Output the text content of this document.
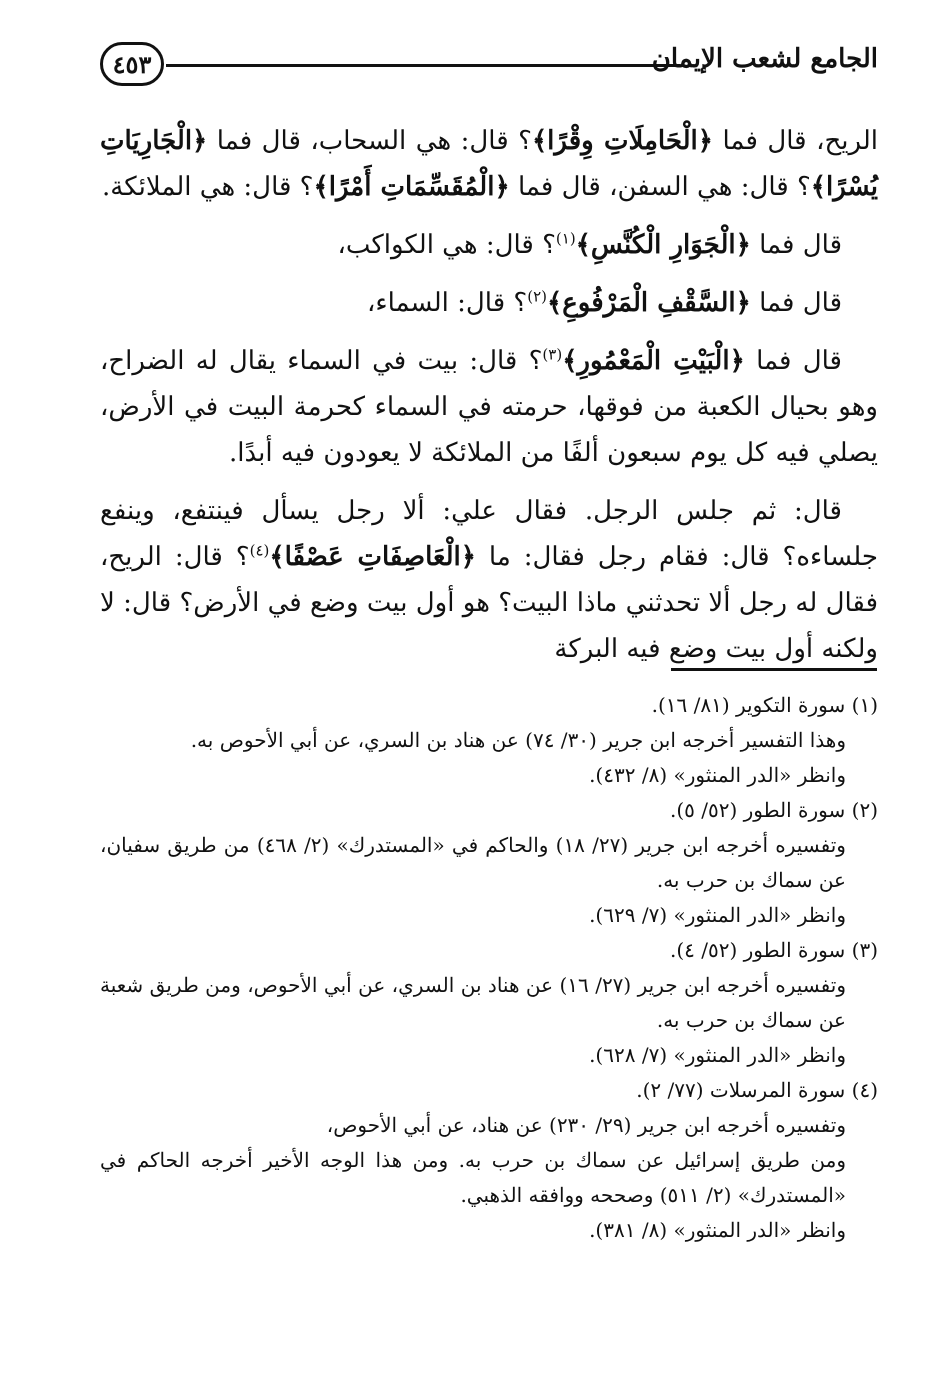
٤٥٣	الجامع لشعب الإيمان

الريح، قال فما ﴿الْحَامِلَاتِ وِقْرًا﴾؟ قال: هي السحاب، قال فما ﴿الْجَارِيَاتِ يُسْرًا﴾؟ قال: هي السفن، قال فما ﴿الْمُقَسِّمَاتِ أَمْرًا﴾؟ قال: هي الملائكة.

قال فما ﴿الْجَوَارِ الْكُنَّسِ﴾$^{(١)}$؟ قال: هي الكواكب،

قال فما ﴿السَّقْفِ الْمَرْفُوعِ﴾$^{(٢)}$؟ قال: السماء،

قال فما ﴿الْبَيْتِ الْمَعْمُورِ﴾$^{(٣)}$؟ قال: بيت في السماء يقال له الضراح، وهو بحيال الكعبة من فوقها، حرمته في السماء كحرمة البيت في الأرض، يصلي فيه كل يوم سبعون ألفًا من الملائكة لا يعودون فيه أبدًا.

قال: ثم جلس الرجل. فقال علي: ألا رجل يسأل فينتفع، وينفع جلساءه؟ قال: فقام رجل فقال: ما ﴿الْعَاصِفَاتِ عَصْفًا﴾$^{(٤)}$؟ قال: الريح، فقال له رجل ألا تحدثني ماذا البيت؟ هو أول بيت وضع في الأرض؟ قال: لا ولكنه أول بيت وضع فيه البركة

(١) سورة التكوير (٨١/ ١٦).

وهذا التفسير أخرجه ابن جرير (٣٠/ ٧٤) عن هناد بن السري، عن أبي الأحوص به.

وانظر «الدر المنثور» (٨/ ٤٣٢).

(٢) سورة الطور (٥٢/ ٥).

وتفسيره أخرجه ابن جرير (٢٧/ ١٨) والحاكم في «المستدرك» (٢/ ٤٦٨) من طريق سفيان، عن سماك بن حرب به.

وانظر «الدر المنثور» (٧/ ٦٢٩).

(٣) سورة الطور (٥٢/ ٤).

وتفسيره أخرجه ابن جرير (٢٧/ ١٦) عن هناد بن السري، عن أبي الأحوص، ومن طريق شعبة عن سماك بن حرب به.

وانظر «الدر المنثور» (٧/ ٦٢٨).

(٤) سورة المرسلات (٧٧/ ٢).

وتفسيره أخرجه ابن جرير (٢٩/ ٢٣٠) عن هناد، عن أبي الأحوص،

ومن طريق إسرائيل عن سماك بن حرب به. ومن هذا الوجه الأخير أخرجه الحاكم في «المستدرك» (٢/ ٥١١) وصححه ووافقه الذهبي.

وانظر «الدر المنثور» (٨/ ٣٨١).
